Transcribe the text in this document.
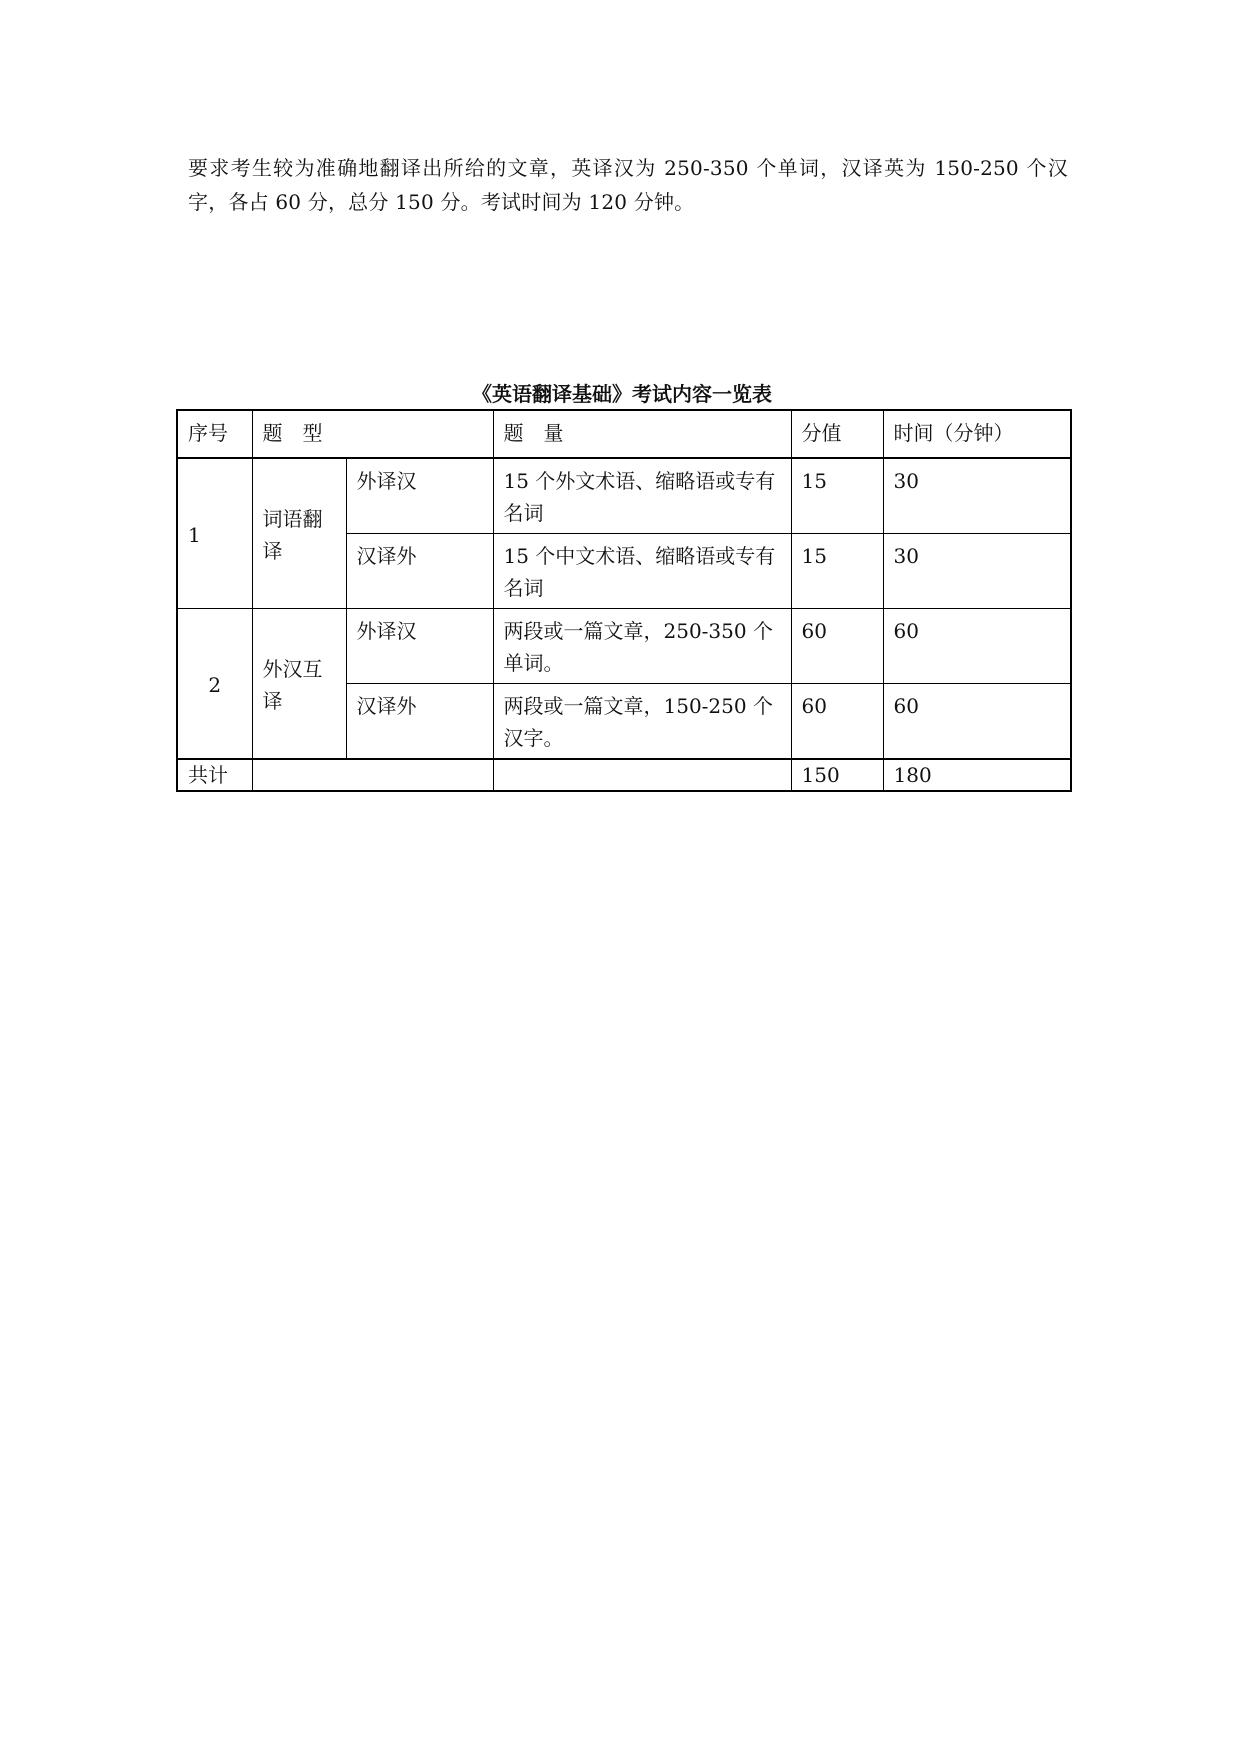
要求考生较为准确地翻译出所给的文章，英译汉为 250-350 个单词，汉译英为 150-250 个汉字，各占 60 分，总分 150 分。考试时间为 120 分钟。

《英语翻译基础》考试内容一览表

序号	题　型		题　量	分值	时间（分钟）
1	词语翻译	外译汉	15 个外文术语、缩略语或专有名词	15	30
		汉译外	15 个中文术语、缩略语或专有名词	15	30
2	外汉互译	外译汉	两段或一篇文章，250-350 个单词。	60	60
		汉译外	两段或一篇文章，150-250 个汉字。	60	60
共计				150	180
